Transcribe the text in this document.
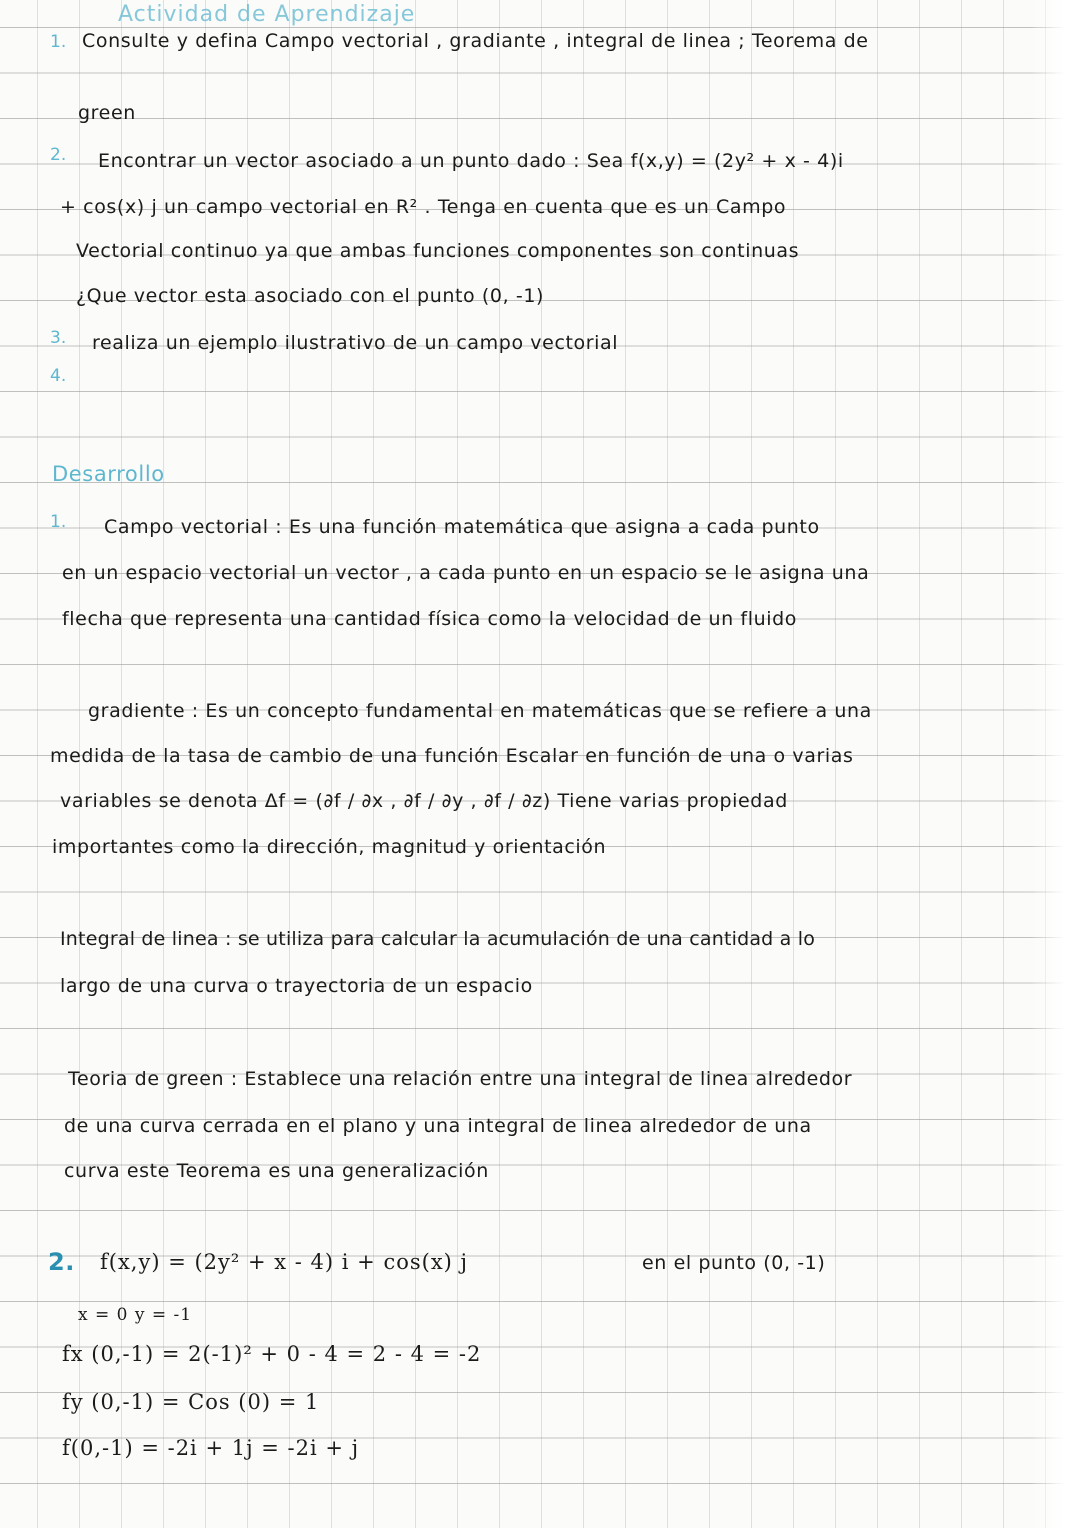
Actividad de Aprendizaje
1. Consulte y defina Campo vectorial , gradiante , integral de linea ; Teorema de
green
2. Encontrar un vector asociado a un punto dado : Sea f(x,y) = (2y² + x - 4)i
+ cos(x) j un campo vectorial en R² . Tenga en cuenta que es un Campo
Vectorial continuo ya que ambas funciones componentes son continuas
¿Que vector esta asociado con el punto (0, -1)
3. realiza un ejemplo ilustrativo de un campo vectorial
4.
Desarrollo
1. Campo vectorial : Es una función matemática que asigna a cada punto
en un espacio vectorial un vector , a cada punto en un espacio se le asigna una
flecha que representa una cantidad física como la velocidad de un fluido
gradiente : Es un concepto fundamental en matemáticas que se refiere a una
medida de la tasa de cambio de una función Escalar en función de una o varias
variables se denota Δf = (∂f / ∂x , ∂f / ∂y , ∂f / ∂z) Tiene varias propiedad
importantes como la dirección, magnitud y orientación
Integral de linea : se utiliza para calcular la acumulación de una cantidad a lo
largo de una curva o trayectoria de un espacio
Teoria de green : Establece una relación entre una integral de linea alrededor
de una curva cerrada en el plano y una integral de linea alrededor de una
curva este Teorema es una generalización
2. f(x,y) = (2y² + x - 4) i + cos(x) j	en el punto (0, -1)
x = 0 y = -1
fx (0,-1) = 2(-1)² + 0 - 4 = 2 - 4 = -2
fy (0,-1) = Cos (0) = 1
f(0,-1) = -2i + 1j = -2i + j
